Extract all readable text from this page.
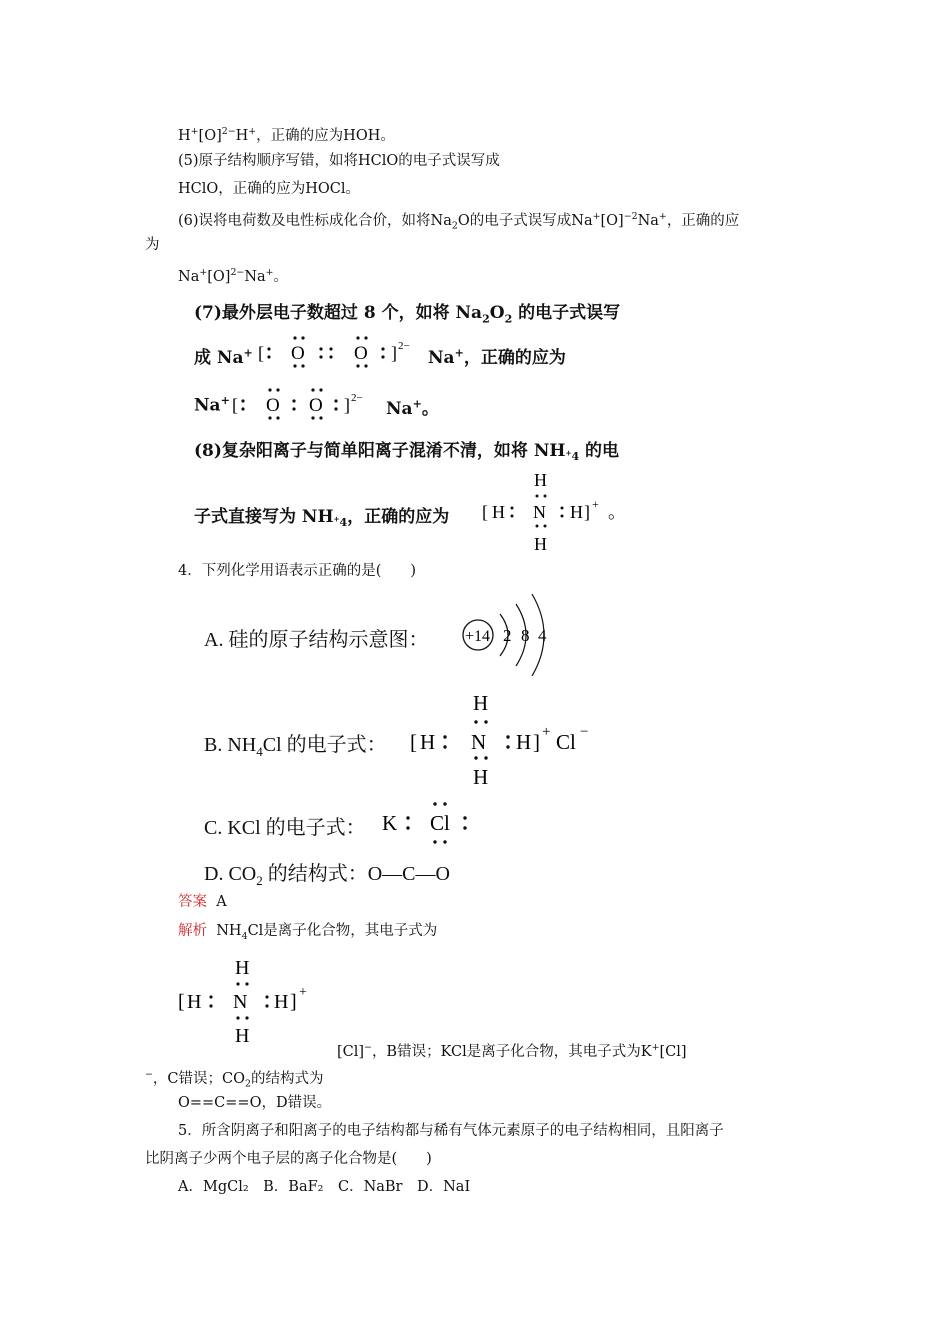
$H^+[O]^{2-}H^+$，正确的应为HOH。
(5)原子结构顺序写错，如将HClO的电子式误写成
HClO，正确的应为HOCl。
(6)误将电荷数及电性标成化合价，如将$Na_2O$的电子式误写成$Na^+[O]^{-2}Na^+$，正确的应
为
$Na^+[O]^{2-}Na^+$。
(7)最外层电子数超过 8 个，如将 $Na_2O_2$ 的电子式误写
成 Na+ [ O	O ] 2−
Na+，正确的应为
Na+ [ O O ] 2−
Na+。
(8)复杂阳离子与简单阳离子混淆不清，如将 $NH_{^+4}$ 的电
子式直接写为 $NH_{^+4}$，正确的应为 [ H
H
N
H
H ] + 。
4．下列化学用语表示正确的是(　　)
A. 硅的原子结构示意图： +14 2 8 4
B. $NH_4Cl$ 的电子式： [ H
H
N
H
H ] + Cl −
C. KCl 的电子式： K Cl
D. $CO_2$ 的结构式：O—C—O
答案 A
解析 $NH_4Cl$是离子化合物，其电子式为
[ H
H
N
H
H ] +
[Cl]−，B错误；KCl是离子化合物，其电子式为K+[Cl]
−，C错误；$CO_2$的结构式为
O==C==O，D错误。
5．所含阴离子和阳离子的电子结构都与稀有气体元素原子的电子结构相同，且阳离子
比阴离子少两个电子层的离子化合物是(　　)
A．MgCl₂　B．BaF₂　C．NaBr　D．NaI
